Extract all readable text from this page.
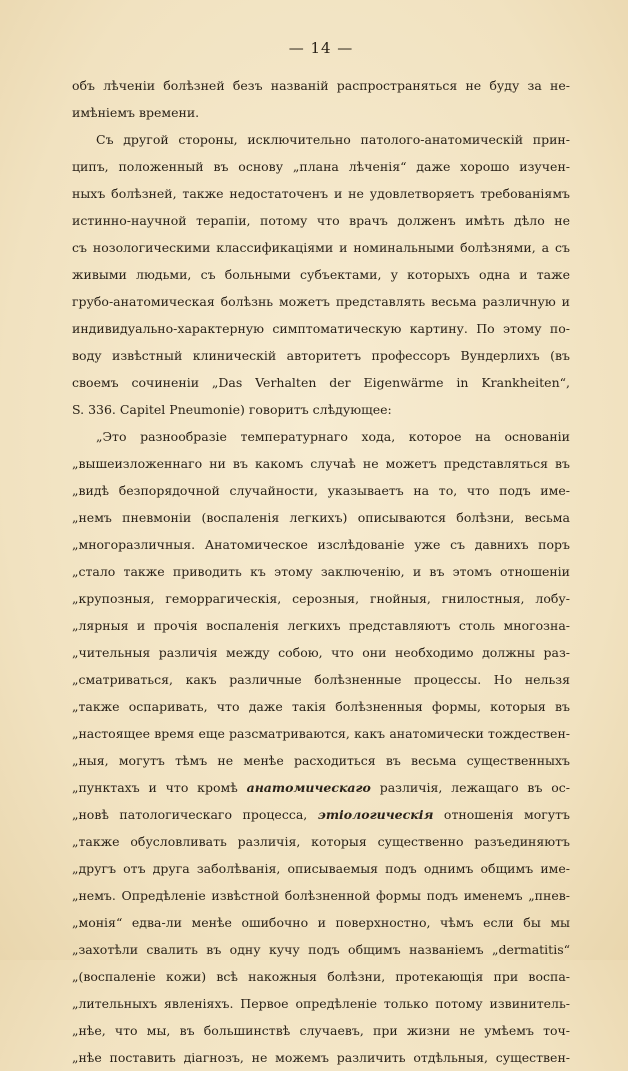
— 14 —
объ лѣченіи болѣзней безъ названій распространяться не буду за не-
имѣніемъ времени.
Съ другой стороны, исключительно патолого-анатомическій прин-
ципъ, положенный въ основу „плана лѣченія“ даже хорошо изучен-
ныхъ болѣзней, также недостаточенъ и не удовлетворяетъ требованіямъ
истинно-научной терапіи, потому что врачъ долженъ имѣть дѣло не
съ нозологическими классификаціями и номинальными болѣзнями, а съ
живыми людьми, съ больными субъектами, у которыхъ одна и таже
грубо-анатомическая болѣзнь можетъ представлять весьма различную и
индивидуально-характерную симптоматическую картину. По этому по-
воду извѣстный клиническій авторитетъ профессоръ Вундерлихъ (въ
своемъ сочиненіи „Das Verhalten der Eigenwärme in Krankheiten“,
S. 336. Capitel Pneumonie) говоритъ слѣдующее:
„Это разнообразіе температурнаго хода, которое на основаніи
„вышеизложеннаго ни въ какомъ случаѣ не можетъ представляться въ
„видѣ безпорядочной случайности, указываетъ на то, что подъ име-
„немъ пневмоніи (воспаленія легкихъ) описываются болѣзни, весьма
„многоразличныя. Анатомическое изслѣдованіе уже съ давнихъ поръ
„стало также приводить къ этому заключенію, и въ этомъ отношеніи
„крупозныя, геморрагическія, серозныя, гнойныя, гнилостныя, лобу-
„лярныя и прочія воспаленія легкихъ представляютъ столь многозна-
„чительныя различія между собою, что они необходимо должны раз-
„сматриваться, какъ различные болѣзненные процессы. Но нельзя
„также оспаривать, что даже такія болѣзненныя формы, которыя въ
„настоящее время еще разсматриваются, какъ анатомически тождествен-
„ныя, могутъ тѣмъ не менѣе расходиться въ весьма существенныхъ
„пунктахъ и что кромѣ анатомическаго различія, лежащаго въ ос-
„новѣ патологическаго процесса, этіологическія отношенія могутъ
„также обусловливать различія, которыя существенно разъединяютъ
„другъ отъ друга заболѣванія, описываемыя подъ однимъ общимъ име-
„немъ. Опредѣленіе извѣстной болѣзненной формы подъ именемъ „пнев-
„монія“ едва-ли менѣе ошибочно и поверхностно, чѣмъ если бы мы
„захотѣли свалить въ одну кучу подъ общимъ названіемъ „dermatitis“
„(воспаленіе кожи) всѣ накожныя болѣзни, протекающія при воспа-
„лительныхъ явленіяхъ. Первое опредѣленіе только потому извинитель-
„нѣе, что мы, въ большинствѣ случаевъ, при жизни не умѣемъ точ-
„нѣе поставить діагнозъ, не можемъ различить отдѣльныя, существен-
